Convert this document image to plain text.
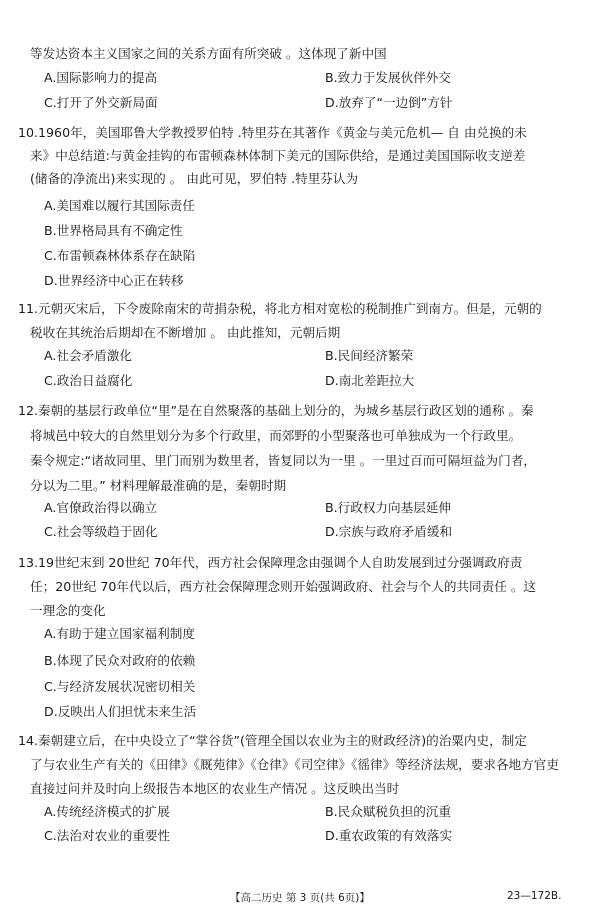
等发达资本主义国家之间的关系方面有所突破 。这体现了新中国
A.国际影响力的提高	B.致力于发展伙伴外交
C.打开了外交新局面	D.放弃了“一边倒”方针
10.1960年，美国耶鲁大学教授罗伯特 .特里芬在其著作《黄金与美元危机— 自 由兑换的未
来》中总结道:与黄金挂钩的布雷顿森林体制下美元的国际供给，是通过美国国际收支逆差
(储备的净流出)来实现的 。 由此可见，罗伯特 .特里芬认为
A.美国难以履行其国际责任
B.世界格局具有不确定性
C.布雷顿森林体系存在缺陷
D.世界经济中心正在转移
11.元朝灭宋后，下令废除南宋的苛捐杂税，将北方相对宽松的税制推广到南方。但是，元朝的
税收在其统治后期却在不断增加 。 由此推知，元朝后期
A.社会矛盾激化	B.民间经济繁荣
C.政治日益腐化	D.南北差距拉大
12.秦朝的基层行政单位“里”是在自然聚落的基础上划分的，为城乡基层行政区划的通称 。秦
将城邑中较大的自然里划分为多个行政里，而郊野的小型聚落也可单独成为一个行政里。
秦令规定:“诸故同里、里门而别为数里者，皆复同以为一里 。一里过百而可隔垣益为门者，
分以为二里。” 材料理解最准确的是，秦朝时期
A.官僚政治得以确立	B.行政权力向基层延伸
C.社会等级趋于固化	D.宗族与政府矛盾缓和
13.19世纪末到 20世纪 70年代，西方社会保障理念由强调个人自助发展到过分强调政府责
任；20世纪 70年代以后，西方社会保障理念则开始强调政府、社会与个人的共同责任 。这
一理念的变化
A.有助于建立国家福利制度
B.体现了民众对政府的依赖
C.与经济发展状况密切相关
D.反映出人们担忧未来生活
14.秦朝建立后，在中央设立了“掌谷货”(管理全国以农业为主的财政经济)的治粟内史，制定
了与农业生产有关的《田律》《厩苑律》《仓律》《司空律》《徭律》等经济法规，要求各地方官吏
直接过问并及时向上级报告本地区的农业生产情况 。这反映出当时
A.传统经济模式的扩展	B.民众赋税负担的沉重
C.法治对农业的重要性	D.重农政策的有效落实
【高二历史 第 3 页(共 6页)】	23—172B.
